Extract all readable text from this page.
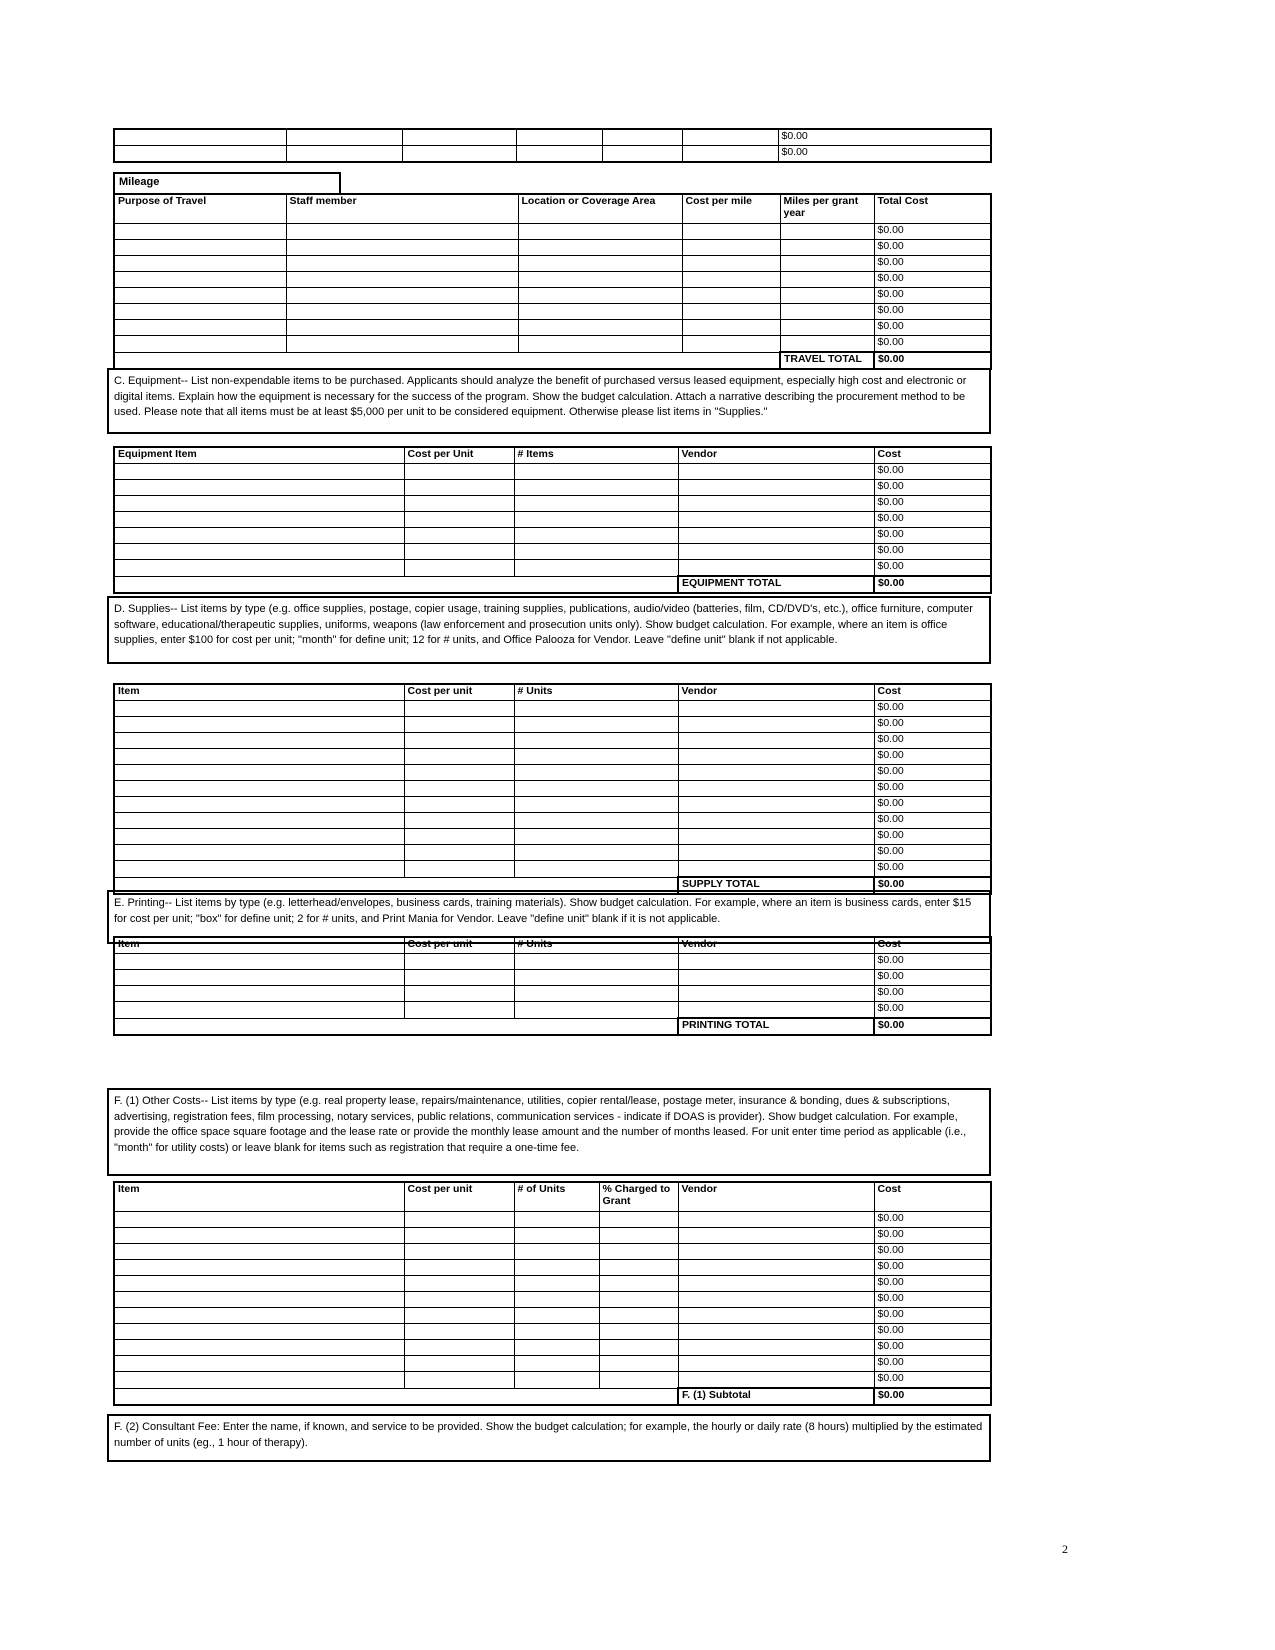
						$0.00
						$0.00
Mileage
Purpose of Travel	Staff member	Location or Coverage Area	Cost per mile	Miles per grant year	Total Cost
					$0.00
					$0.00
					$0.00
					$0.00
					$0.00
					$0.00
					$0.00
					$0.00
				TRAVEL TOTAL	$0.00
C. Equipment-- List non-expendable items to be purchased. Applicants should analyze the benefit of purchased versus leased equipment, especially high cost and electronic or digital items. Explain how the equipment is necessary for the success of the program. Show the budget calculation. Attach a narrative describing the procurement method to be used. Please note that all items must be at least $5,000 per unit to be considered equipment. Otherwise please list items in "Supplies."
Equipment Item	Cost per Unit	# Items	Vendor	Cost
				$0.00
				$0.00
				$0.00
				$0.00
				$0.00
				$0.00
				$0.00
			EQUIPMENT TOTAL	$0.00
D. Supplies-- List items by type (e.g. office supplies, postage, copier usage, training supplies, publications, audio/video (batteries, film, CD/DVD's, etc.), office furniture, computer software, educational/therapeutic supplies, uniforms, weapons (law enforcement and prosecution units only). Show budget calculation. For example, where an item is office supplies, enter $100 for cost per unit; "month" for define unit; 12 for # units, and Office Palooza for Vendor. Leave "define unit" blank if not applicable.
Item	Cost per unit	# Units	Vendor	Cost
				$0.00
				$0.00
				$0.00
				$0.00
				$0.00
				$0.00
				$0.00
				$0.00
				$0.00
				$0.00
				$0.00
			SUPPLY TOTAL	$0.00
E. Printing-- List items by type (e.g. letterhead/envelopes, business cards, training materials). Show budget calculation. For example, where an item is business cards, enter $15 for cost per unit; "box" for define unit; 2 for # units, and Print Mania for Vendor. Leave "define unit" blank if it is not applicable.
Item	Cost per unit	# Units	Vendor	Cost
				$0.00
				$0.00
				$0.00
				$0.00
			PRINTING TOTAL	$0.00
F. (1) Other Costs-- List items by type (e.g. real property lease, repairs/maintenance, utilities, copier rental/lease, postage meter, insurance & bonding, dues & subscriptions, advertising, registration fees, film processing, notary services, public relations, communication services - indicate if DOAS is provider). Show budget calculation. For example, provide the office space square footage and the lease rate or provide the monthly lease amount and the number of months leased. For unit enter time period as applicable (i.e., "month" for utility costs) or leave blank for items such as registration that require a one-time fee.
Item	Cost per unit	# of Units	% Charged to Grant	Vendor	Cost
					$0.00
					$0.00
					$0.00
					$0.00
					$0.00
					$0.00
					$0.00
					$0.00
					$0.00
					$0.00
					$0.00
				F. (1) Subtotal	$0.00
F. (2) Consultant Fee: Enter the name, if known, and service to be provided. Show the budget calculation; for example, the hourly or daily rate (8 hours) multiplied by the estimated number of units (eg., 1 hour of therapy).
2
